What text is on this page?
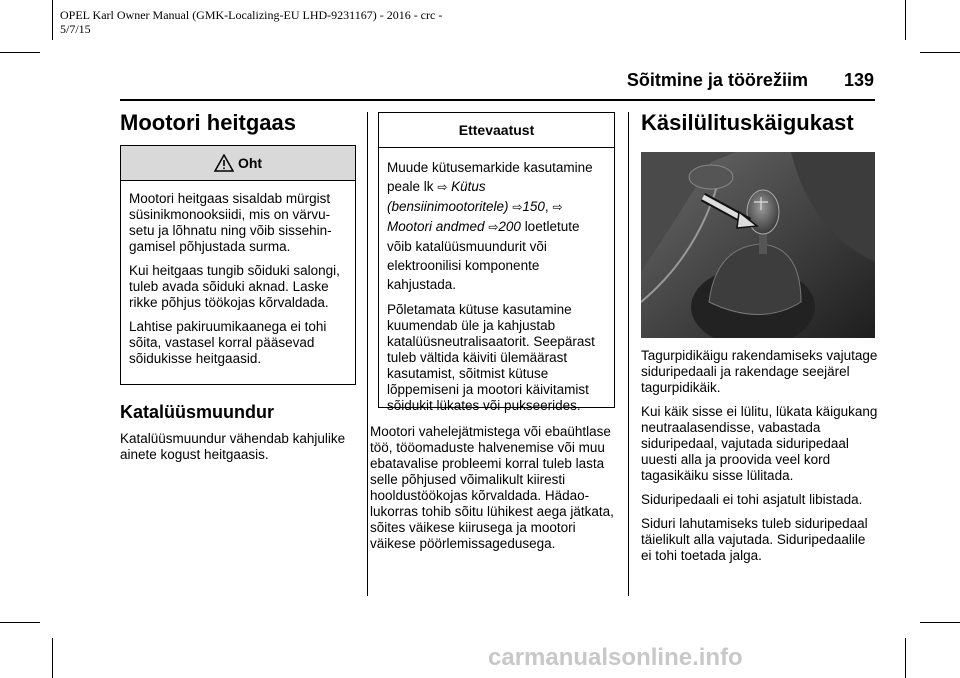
OPEL Karl Owner Manual (GMK-Localizing-EU LHD-9231167) - 2016 - crc -
5/7/15
Sõitmine ja töörežiim 139
Mootori heitgaas
Oht

Mootori heitgaas sisaldab mürgist süsinikmonooksiidi, mis on värvusetu ja lõhnatu ning võib sissehingamisel põhjustada surma.

Kui heitgaas tungib sõiduki salongi, tuleb avada sõiduki aknad. Laske rikke põhjus töökojas kõrvaldada.

Lahtise pakiruumikaanega ei tohi sõita, vastasel korral pääsevad sõidukisse heitgaasid.

Katalüüsmuundur

Katalüüsmuundur vähendab kahjulike ainete kogust heitgaasis.

Ettevaatust

Muude kütusemarkide kasutamine peale lk ⇨ Kütus (bensiinimootoritele) ⇨150, ⇨ Mootori andmed ⇨200 loetletute võib katalüüsmuundurit või elektroonilisi komponente kahjustada.

Põletamata kütuse kasutamine kuumendab üle ja kahjustab katalüüsneutralisaatorit. Seepärast tuleb vältida käiviti ülemäärast kasutamist, sõitmist kütuse lõppemiseni ja mootori käivitamist sõidukit lükates või pukseerides.

Mootori vahelejätmistega või ebaühtlase töö, tööomaduste halvenemise või muu ebatavalise probleemi korral tuleb lasta selle põhjused võimalikult kiiresti hooldustöökojas kõrvaldada. Hädaolukorras tohib sõitu lühikest aega jätkata, sõites väikese kiirusega ja mootori väikese pöörlemissagedusega.

Käsilülituskäigukast

Tagurpidikäigu rakendamiseks vajutage siduripedaali ja rakendage seejärel tagurpidikäik.

Kui käik sisse ei lülitu, lükata käigukang neutraalasendisse, vabastada siduripedaal, vajutada siduripedaal uuesti alla ja proovida veel kord tagasikäiku sisse lülitada.

Siduripedaali ei tohi asjatult libistada.

Siduri lahutamiseks tuleb siduripedaal täielikult alla vajutada. Siduripedaalile ei tohi toetada jalga.

carmanualsonline.info
